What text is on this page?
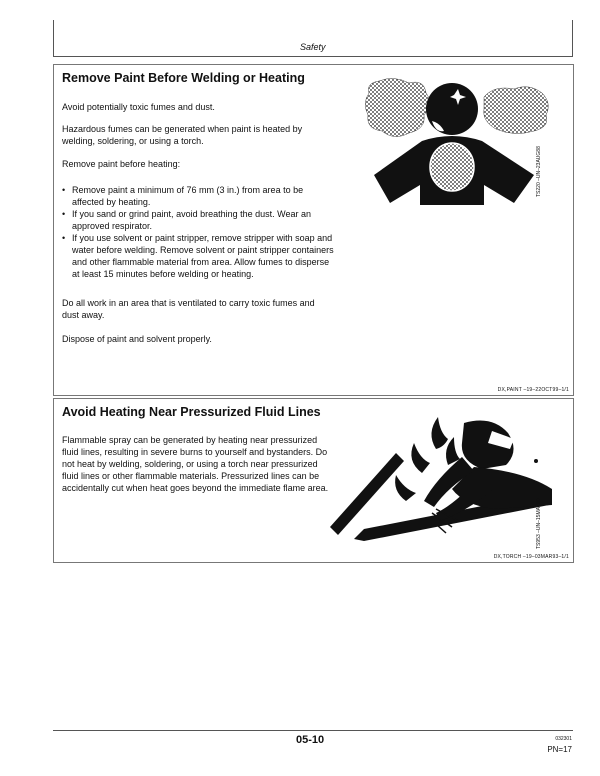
Safety
Remove Paint Before Welding or Heating

Avoid potentially toxic fumes and dust.

Hazardous fumes can be generated when paint is heated by welding, soldering, or using a torch.

Remove paint before heating:

• Remove paint a minimum of 76 mm (3 in.) from area to be affected by heating.
• If you sand or grind paint, avoid breathing the dust. Wear an approved respirator.
• If you use solvent or paint stripper, remove stripper with soap and water before welding. Remove solvent or paint stripper containers and other flammable material from area. Allow fumes to disperse at least 15 minutes before welding or heating.

Do all work in an area that is ventilated to carry toxic fumes and dust away.

Dispose of paint and solvent properly.

TS220 –UN–23AUG88
DX,PAINT –19–22OCT99–1/1
Avoid Heating Near Pressurized Fluid Lines

Flammable spray can be generated by heating near pressurized fluid lines, resulting in severe burns to yourself and bystanders. Do not heat by welding, soldering, or using a torch near pressurized fluid lines or other flammable materials. Pressurized lines can be accidentally cut when heat goes beyond the immediate flame area.

TS953 –UN–15MAY90
DX,TORCH –19–03MAR93–1/1
05-10	032301
PN=17
